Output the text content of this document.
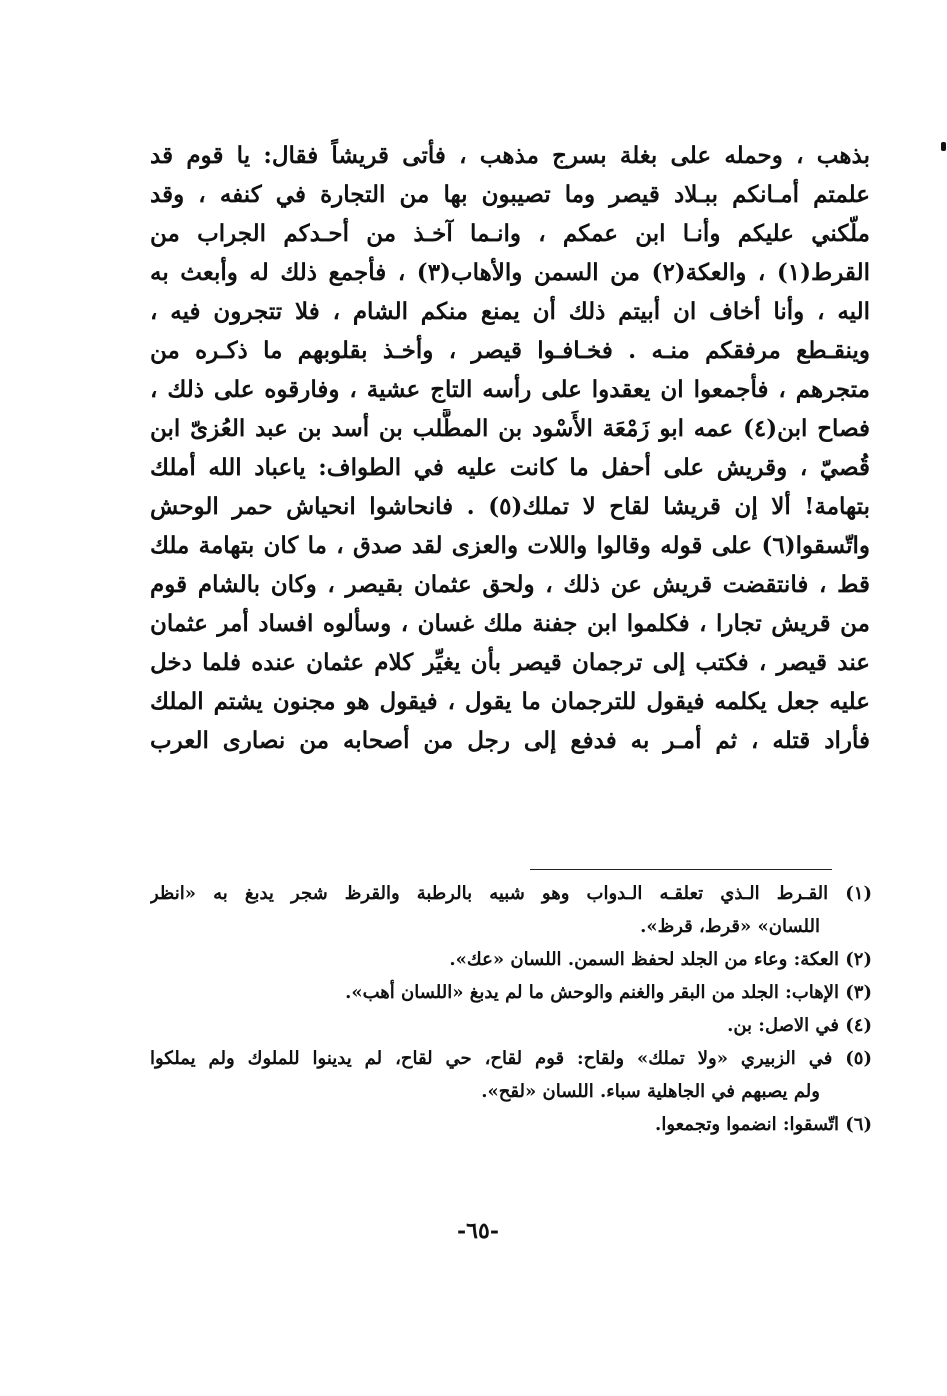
بذهب ، وحمله على بغلة بسرج مذهب ، فأتى قريشاً فقال: يا قوم قد
علمتم أمـانكم ببـلاد قيصر وما تصيبون بها من التجارة في كنفه ، وقد
ملّكني عليكم وأنـا ابن عمكم ، وانـما آخـذ من أحـدكم الجراب من
القرط(١) ، والعكة(٢) من السمن والأهاب(٣) ، فأجمع ذلك له وأبعث به
اليه ، وأنا أخاف ان أبيتم ذلك أن يمنع منكم الشام ، فلا تتجرون فيه ،
وينقـطع مرفقكم منـه . فخـافـوا قيصر ، وأخـذ بقلوبهم ما ذكـره من
متجرهم ، فأجمعوا ان يعقدوا على رأسه التاج عشية ، وفارقوه على ذلك ،
فصاح ابن(٤) عمه ابو زَمْعَة الأَسْود بن المطَّلب بن أسد بن عبد العُزىّ ابن
قُصيّ ، وقريش على أحفل ما كانت عليه في الطواف: ياعباد الله أملك
بتهامة! ألا إن قريشا لقاح لا تملك(٥) . فانحاشوا انحياش حمر الوحش
واتّسقوا(٦) على قوله وقالوا واللات والعزى لقد صدق ، ما كان بتهامة ملك
قط ، فانتقضت قريش عن ذلك ، ولحق عثمان بقيصر ، وكان بالشام قوم
من قريش تجارا ، فكلموا ابن جفنة ملك غسان ، وسألوه افساد أمر عثمان
عند قيصر ، فكتب إلى ترجمان قيصر بأن يغيِّر كلام عثمان عنده فلما دخل
عليه جعل يكلمه فيقول للترجمان ما يقول ، فيقول هو مجنون يشتم الملك
فأراد قتله ، ثم أمـر به فدفع إلى رجل من أصحابه من نصارى العرب
(١) القـرط الـذي تعلقـه الـدواب وهو شبيه بالرطبة والقرظ شجر يدبغ به «انظر
اللسان» «قرط، قرظ».
(٢) العكة: وعاء من الجلد لحفظ السمن. اللسان «عك».
(٣) الإهاب: الجلد من البقر والغنم والوحش ما لم يدبغ «اللسان أهب».
(٤) في الاصل: بن.
(٥) في الزبيري «ولا تملك» ولقاح: قوم لقاح، حي لقاح، لم يدينوا للملوك ولم يملكوا
ولم يصبهم في الجاهلية سباء. اللسان «لقح».
(٦) اتّسقوا: انضموا وتجمعوا.
-٦٥-
